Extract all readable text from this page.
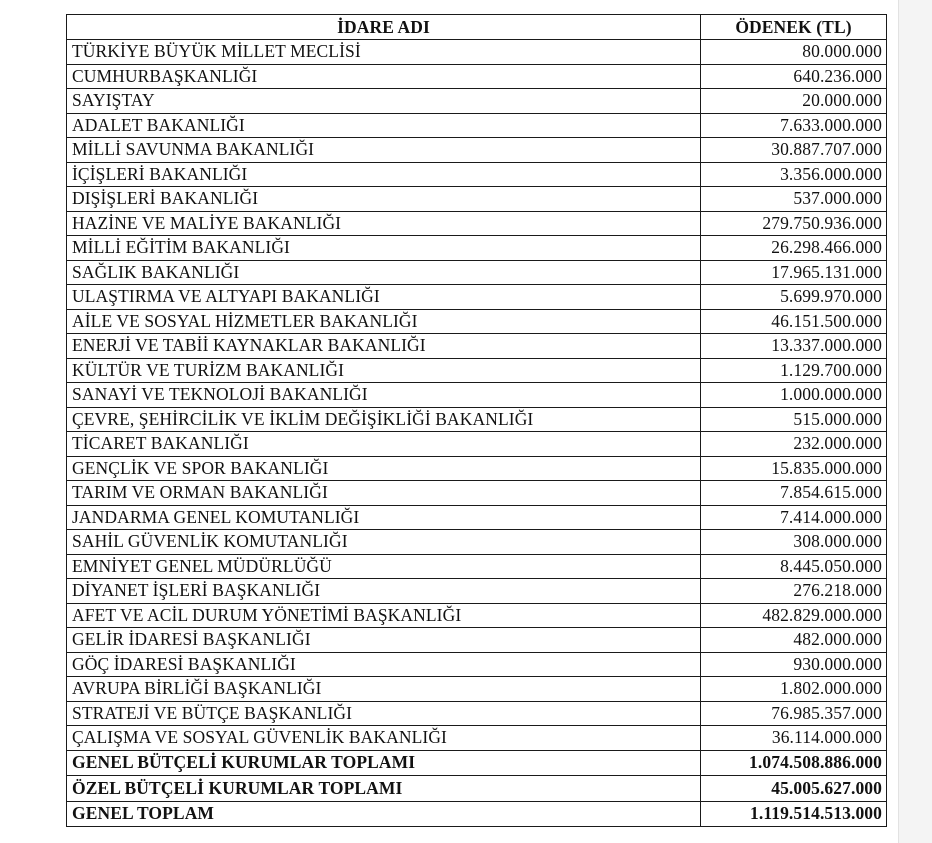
İDARE ADI	ÖDENEK (TL)
TÜRKİYE BÜYÜK MİLLET MECLİSİ	80.000.000
CUMHURBAŞKANLIĞI	640.236.000
SAYIŞTAY	20.000.000
ADALET BAKANLIĞI	7.633.000.000
MİLLİ SAVUNMA BAKANLIĞI	30.887.707.000
İÇİŞLERİ BAKANLIĞI	3.356.000.000
DIŞİŞLERİ BAKANLIĞI	537.000.000
HAZİNE VE MALİYE BAKANLIĞI	279.750.936.000
MİLLİ EĞİTİM BAKANLIĞI	26.298.466.000
SAĞLIK BAKANLIĞI	17.965.131.000
ULAŞTIRMA VE ALTYAPI BAKANLIĞI	5.699.970.000
AİLE VE SOSYAL HİZMETLER BAKANLIĞI	46.151.500.000
ENERJİ VE TABİİ KAYNAKLAR BAKANLIĞI	13.337.000.000
KÜLTÜR VE TURİZM BAKANLIĞI	1.129.700.000
SANAYİ VE TEKNOLOJİ BAKANLIĞI	1.000.000.000
ÇEVRE, ŞEHİRCİLİK VE İKLİM DEĞİŞİKLİĞİ BAKANLIĞI	515.000.000
TİCARET BAKANLIĞI	232.000.000
GENÇLİK VE SPOR BAKANLIĞI	15.835.000.000
TARIM VE ORMAN BAKANLIĞI	7.854.615.000
JANDARMA GENEL KOMUTANLIĞI	7.414.000.000
SAHİL GÜVENLİK KOMUTANLIĞI	308.000.000
EMNİYET GENEL MÜDÜRLÜĞÜ	8.445.050.000
DİYANET İŞLERİ BAŞKANLIĞI	276.218.000
AFET VE ACİL DURUM YÖNETİMİ BAŞKANLIĞI	482.829.000.000
GELİR İDARESİ BAŞKANLIĞI	482.000.000
GÖÇ İDARESİ BAŞKANLIĞI	930.000.000
AVRUPA BİRLİĞİ BAŞKANLIĞI	1.802.000.000
STRATEJİ VE BÜTÇE BAŞKANLIĞI	76.985.357.000
ÇALIŞMA VE SOSYAL GÜVENLİK BAKANLIĞI	36.114.000.000
GENEL BÜTÇELİ KURUMLAR TOPLAMI	1.074.508.886.000
ÖZEL BÜTÇELİ KURUMLAR TOPLAMI	45.005.627.000
GENEL TOPLAM	1.119.514.513.000
